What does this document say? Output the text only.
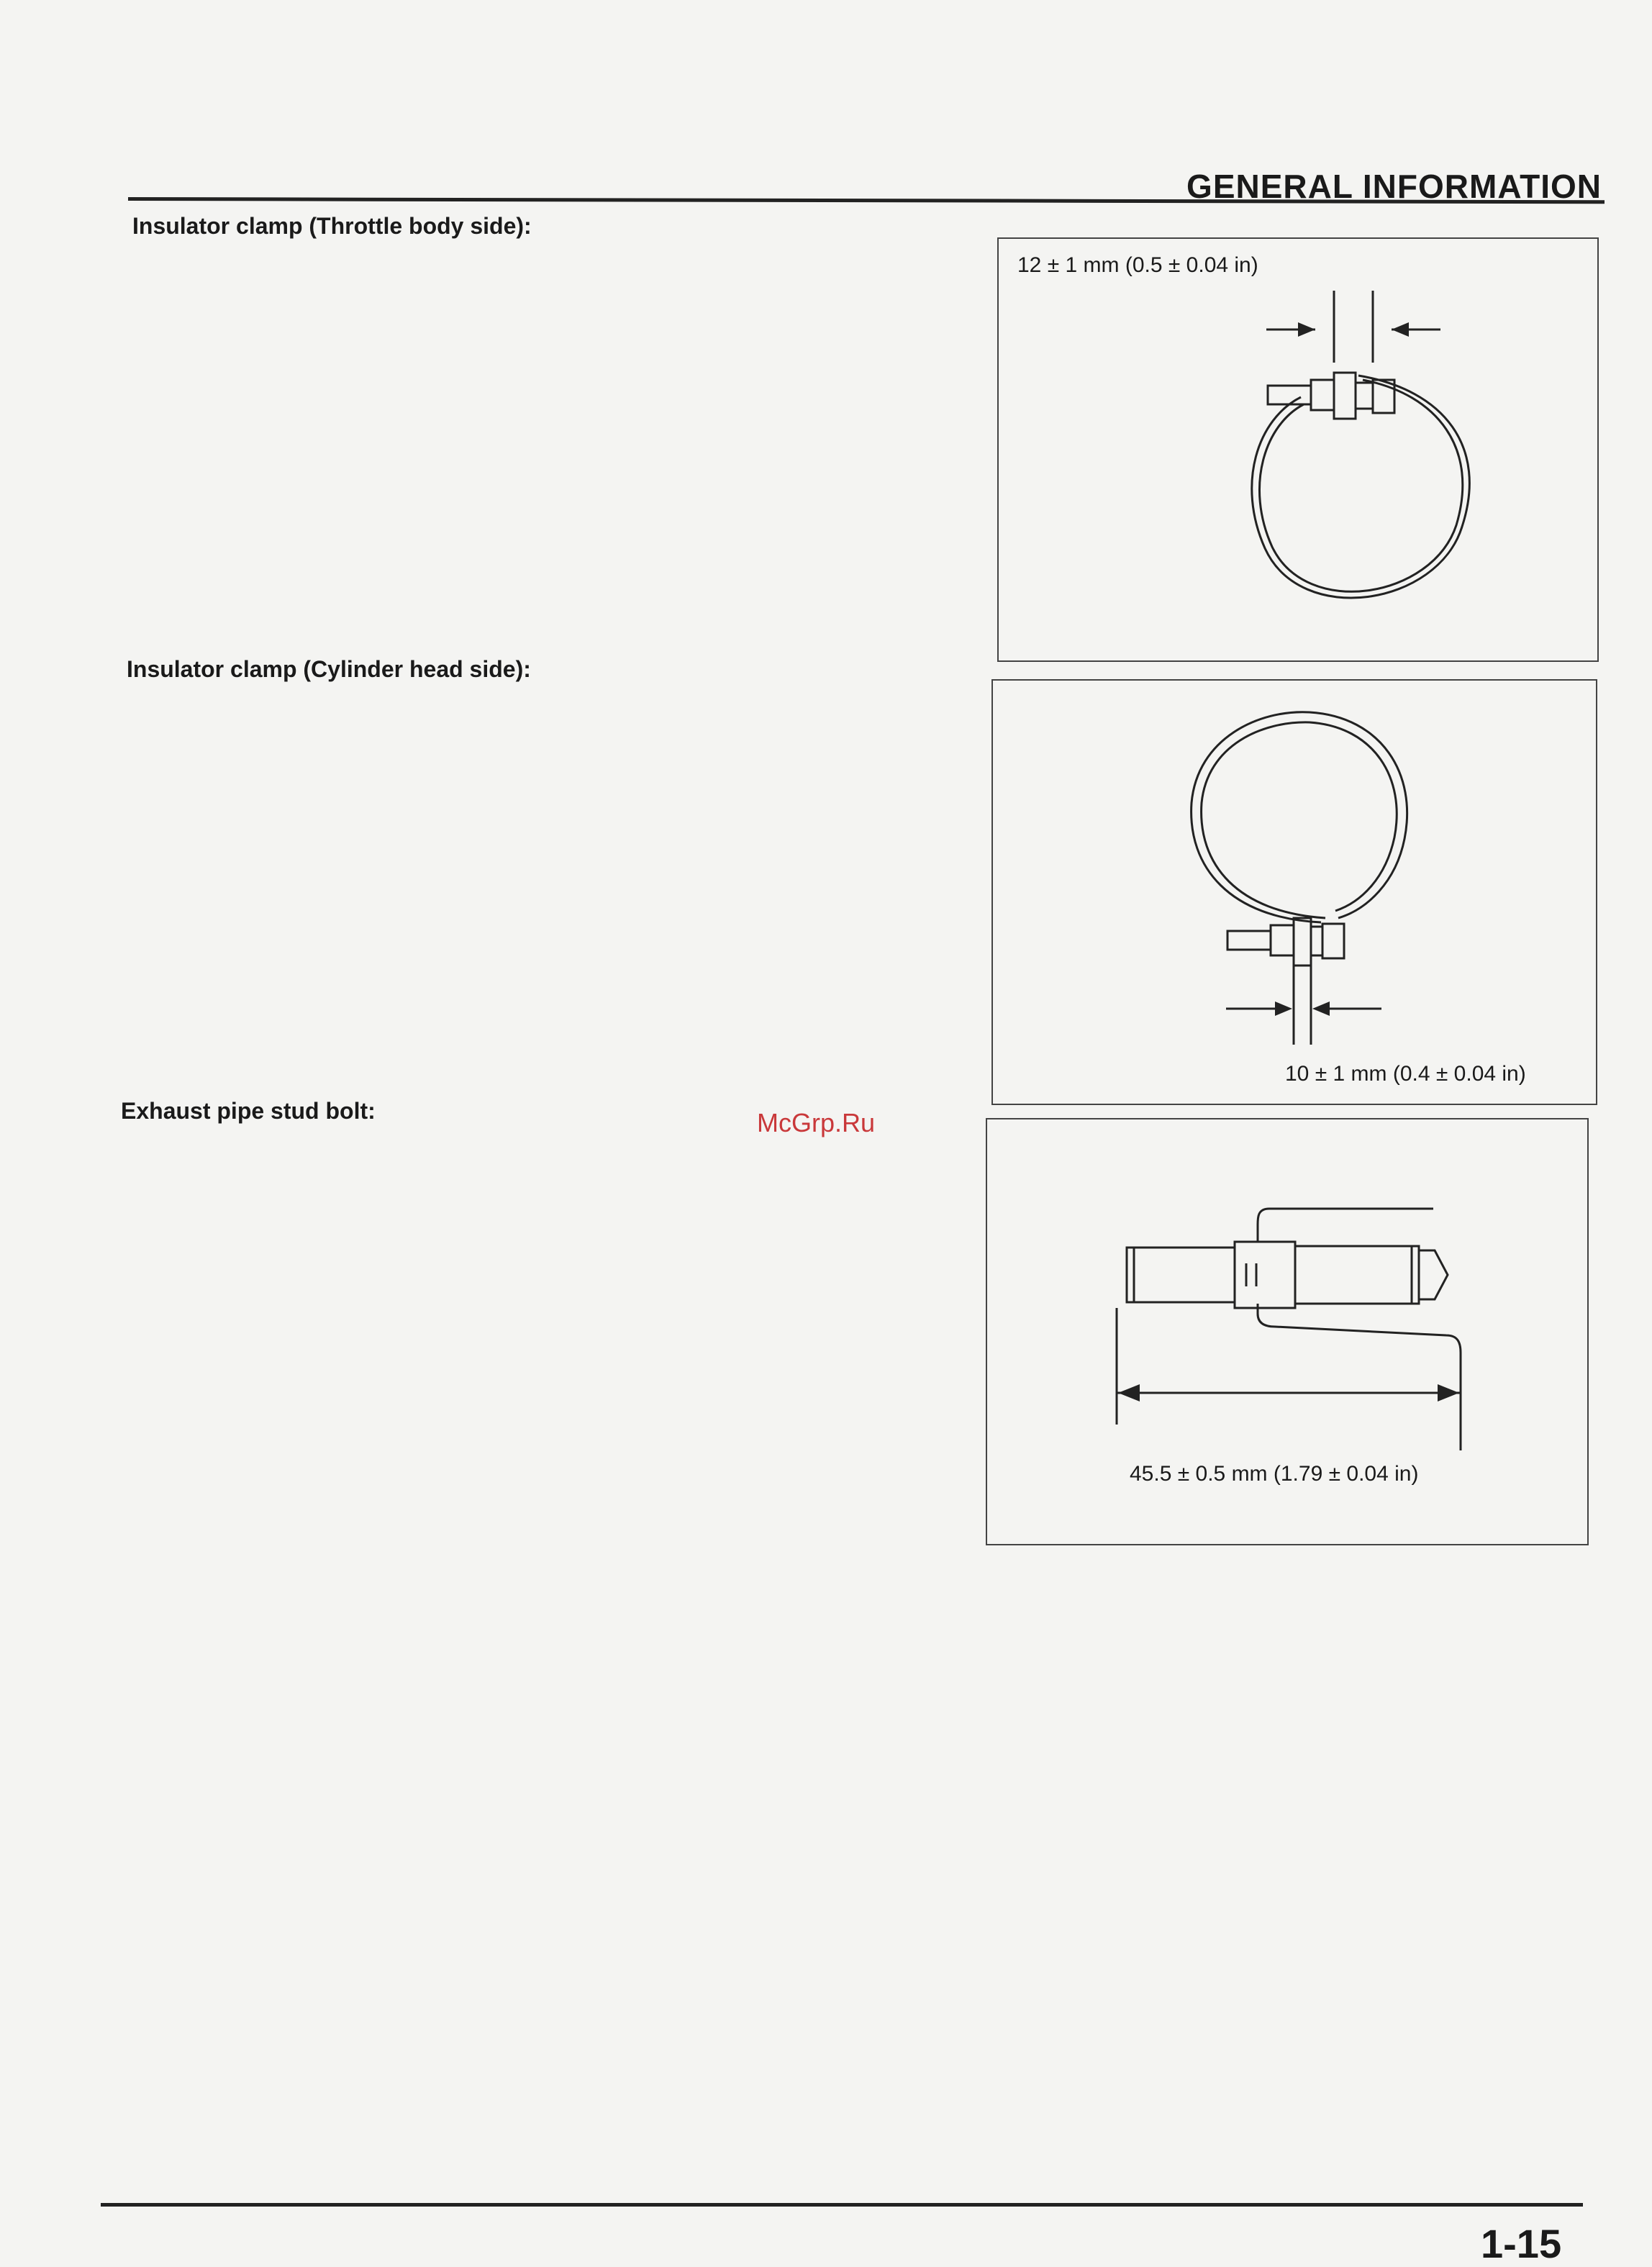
GENERAL INFORMATION
Insulator clamp (Throttle body side):
12 ± 1 mm (0.5 ± 0.04 in)
Insulator clamp (Cylinder head side):
10 ± 1 mm (0.4 ± 0.04 in)
Exhaust pipe stud bolt:
45.5 ± 0.5 mm (1.79 ± 0.04 in)
McGrp.Ru
1-15
